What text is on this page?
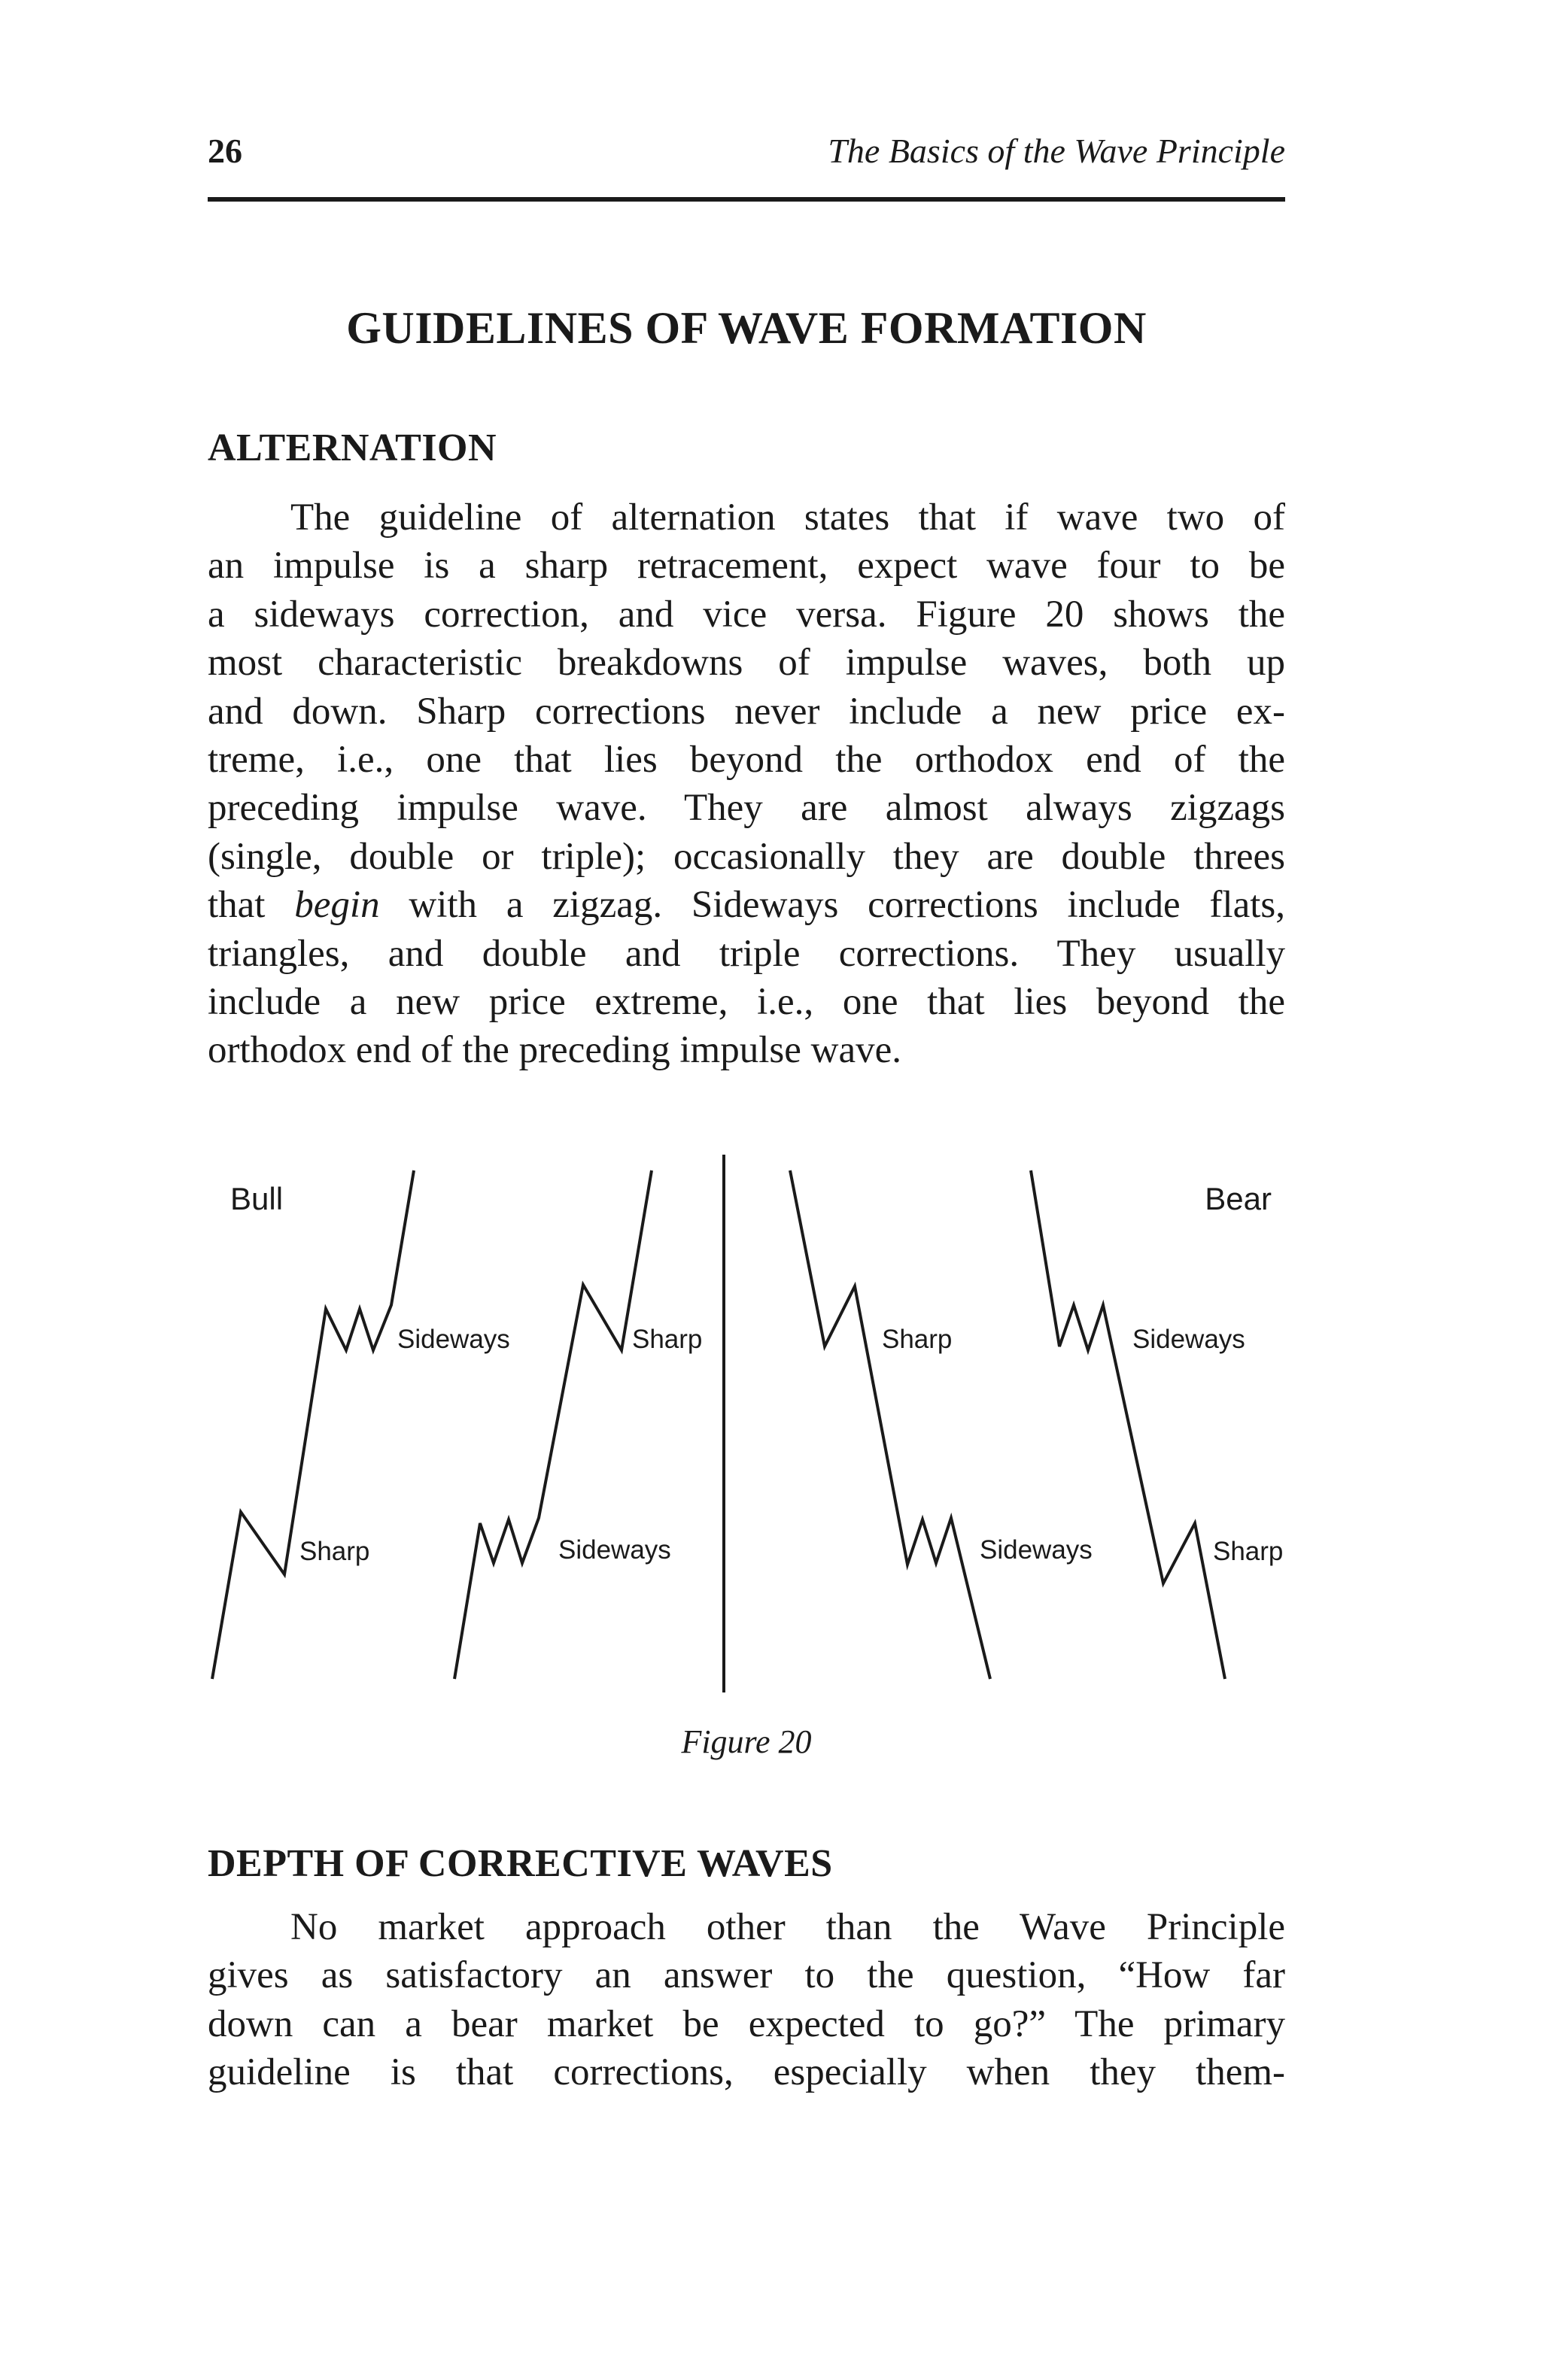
26	The Basics of the Wave Principle
GUIDELINES OF WAVE FORMATION
ALTERNATION
The guideline of alternation states that if wave two of
an impulse is a sharp retracement, expect wave four to be
a sideways correction, and vice versa. Figure 20 shows the
most characteristic breakdowns of impulse waves, both up
and down. Sharp corrections never include a new price ex-
treme, i.e., one that lies beyond the orthodox end of the
preceding impulse wave. They are almost always zigzags
(single, double or triple); occasionally they are double threes
that begin with a zigzag. Sideways corrections include flats,
triangles, and double and triple corrections. They usually
include a new price extreme, i.e., one that lies beyond the
orthodox end of the preceding impulse wave.
Bull	Bear
Sideways
Sharp
Sharp
Sideways
Sharp
Sideways
Sideways
Sharp
Figure 20
DEPTH OF CORRECTIVE WAVES
No market approach other than the Wave Principle
gives as satisfactory an answer to the question, “How far
down can a bear market be expected to go?” The primary
guideline is that corrections, especially when they them-
